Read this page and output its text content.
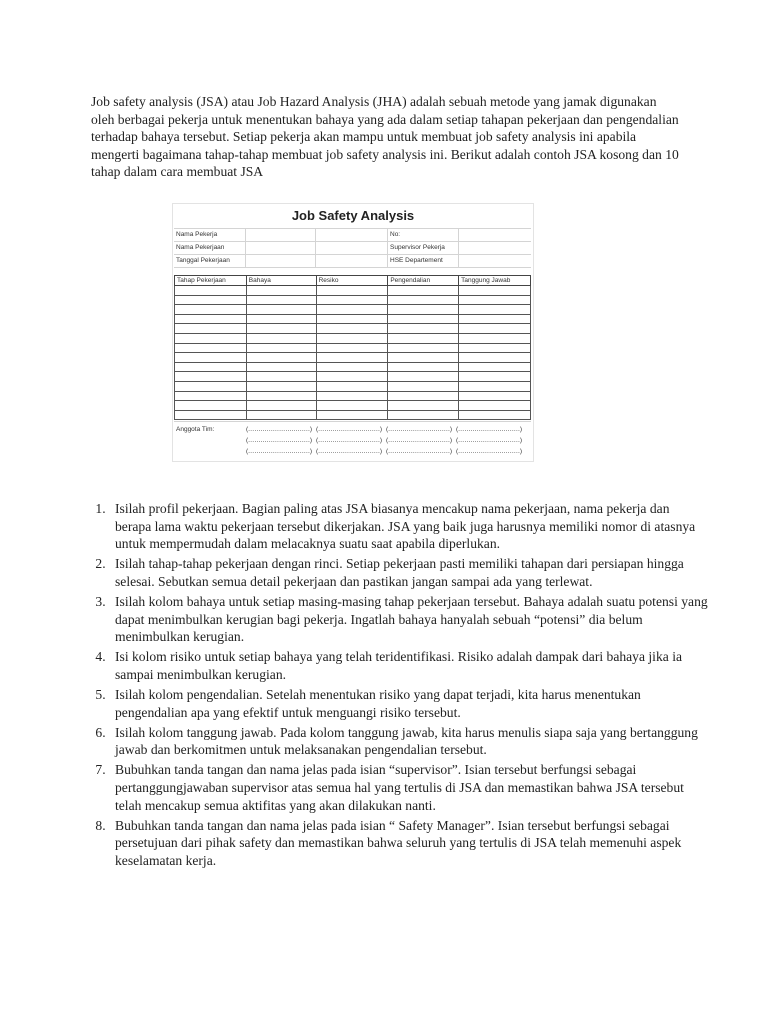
Job safety analysis (JSA) atau Job Hazard Analysis (JHA) adalah sebuah metode yang jamak digunakan oleh berbagai pekerja untuk menentukan bahaya yang ada dalam setiap tahapan pekerjaan dan pengendalian terhadap bahaya tersebut. Setiap pekerja akan mampu untuk membuat job safety analysis ini apabila mengerti bagaimana tahap-tahap membuat job safety analysis ini. Berikut adalah contoh JSA kosong dan 10 tahap dalam cara membuat JSA

Job Safety Analysis
Nama Pekerja	No:
Nama Pekerjaan	Supervisor Pekerja
Tanggal Pekerjaan	HSE Departement
Tahap Pekerjaan	Bahaya	Resiko	Pengendalian	Tanggung Jawab

Anggota Tim:	(…………………………) (…………………………) (…………………………) (…………………………)
(…………………………) (…………………………) (…………………………) (…………………………)
(…………………………) (…………………………) (…………………………) (…………………………)
1. Isilah profil pekerjaan. Bagian paling atas JSA biasanya mencakup nama pekerjaan, nama pekerja dan berapa lama waktu pekerjaan tersebut dikerjakan. JSA yang baik juga harusnya memiliki nomor di atasnya untuk mempermudah dalam melacaknya suatu saat apabila diperlukan.
2. Isilah tahap-tahap pekerjaan dengan rinci. Setiap pekerjaan pasti memiliki tahapan dari persiapan hingga selesai. Sebutkan semua detail pekerjaan dan pastikan jangan sampai ada yang terlewat.
3. Isilah kolom bahaya untuk setiap masing-masing tahap pekerjaan tersebut. Bahaya adalah suatu potensi yang dapat menimbulkan kerugian bagi pekerja. Ingatlah bahaya hanyalah sebuah “potensi” dia belum menimbulkan kerugian.
4. Isi kolom risiko untuk setiap bahaya yang telah teridentifikasi. Risiko adalah dampak dari bahaya jika ia sampai menimbulkan kerugian.
5. Isilah kolom pengendalian. Setelah menentukan risiko yang dapat terjadi, kita harus menentukan pengendalian apa yang efektif untuk menguangi risiko tersebut.
6. Isilah kolom tanggung jawab. Pada kolom tanggung jawab, kita harus menulis siapa saja yang bertanggung jawab dan berkomitmen untuk melaksanakan pengendalian tersebut.
7. Bubuhkan tanda tangan dan nama jelas pada isian “supervisor”. Isian tersebut berfungsi sebagai pertanggungjawaban supervisor atas semua hal yang tertulis di JSA dan memastikan bahwa JSA tersebut telah mencakup semua aktifitas yang akan dilakukan nanti.
8. Bubuhkan tanda tangan dan nama jelas pada isian “ Safety Manager”. Isian tersebut berfungsi sebagai persetujuan dari pihak safety dan memastikan bahwa seluruh yang tertulis di JSA telah memenuhi aspek keselamatan kerja.
